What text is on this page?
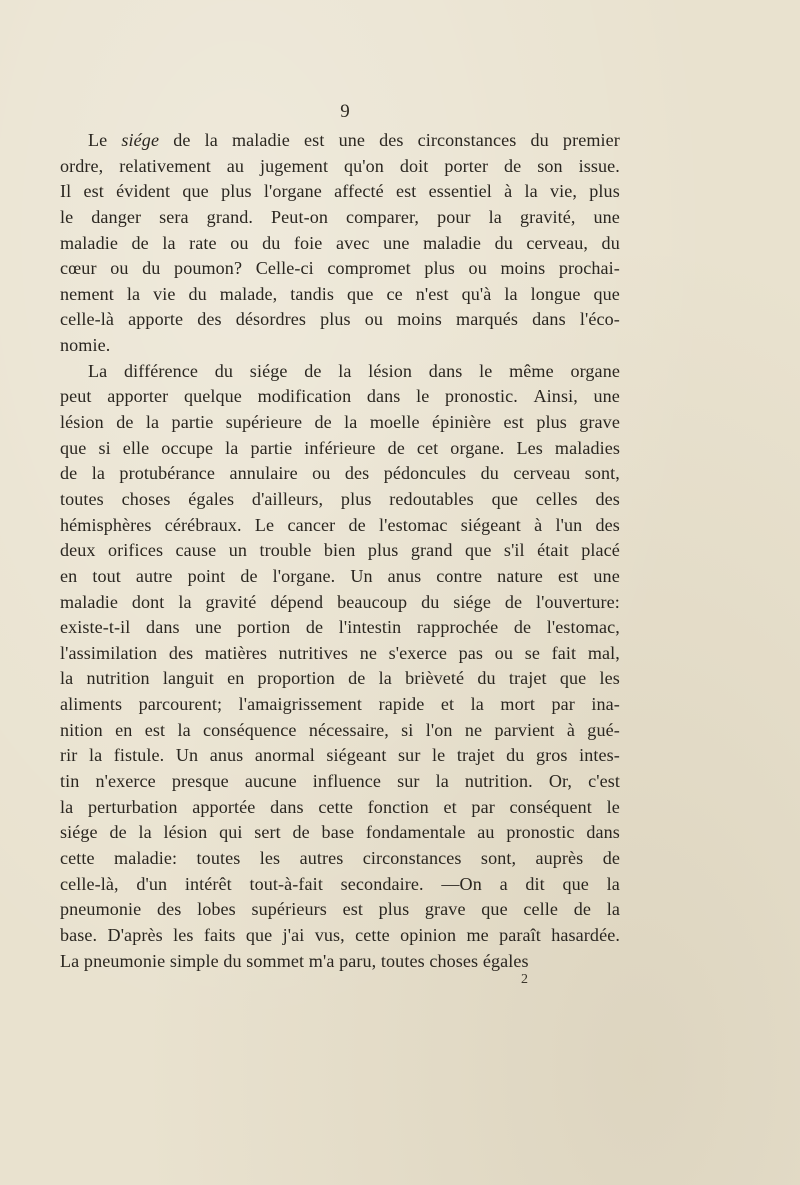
9
Le siége de la maladie est une des circonstances du premier
ordre, relativement au jugement qu'on doit porter de son issue.
Il est évident que plus l'organe affecté est essentiel à la vie, plus
le danger sera grand. Peut-on comparer, pour la gravité, une
maladie de la rate ou du foie avec une maladie du cerveau, du
cœur ou du poumon? Celle-ci compromet plus ou moins prochai-
nement la vie du malade, tandis que ce n'est qu'à la longue que
celle-là apporte des désordres plus ou moins marqués dans l'éco-
nomie.
La différence du siége de la lésion dans le même organe
peut apporter quelque modification dans le pronostic. Ainsi, une
lésion de la partie supérieure de la moelle épinière est plus grave
que si elle occupe la partie inférieure de cet organe. Les maladies
de la protubérance annulaire ou des pédoncules du cerveau sont,
toutes choses égales d'ailleurs, plus redoutables que celles des
hémisphères cérébraux. Le cancer de l'estomac siégeant à l'un des
deux orifices cause un trouble bien plus grand que s'il était placé
en tout autre point de l'organe. Un anus contre nature est une
maladie dont la gravité dépend beaucoup du siége de l'ouverture:
existe-t-il dans une portion de l'intestin rapprochée de l'estomac,
l'assimilation des matières nutritives ne s'exerce pas ou se fait mal,
la nutrition languit en proportion de la brièveté du trajet que les
aliments parcourent; l'amaigrissement rapide et la mort par ina-
nition en est la conséquence nécessaire, si l'on ne parvient à gué-
rir la fistule. Un anus anormal siégeant sur le trajet du gros intes-
tin n'exerce presque aucune influence sur la nutrition. Or, c'est
la perturbation apportée dans cette fonction et par conséquent le
siége de la lésion qui sert de base fondamentale au pronostic dans
cette maladie: toutes les autres circonstances sont, auprès de
celle-là, d'un intérêt tout-à-fait secondaire. —On a dit que la
pneumonie des lobes supérieurs est plus grave que celle de la
base. D'après les faits que j'ai vus, cette opinion me paraît hasardée.
La
pneumonie
simple
du
sommet
m'a
paru,
toutes
choses
égales
2
